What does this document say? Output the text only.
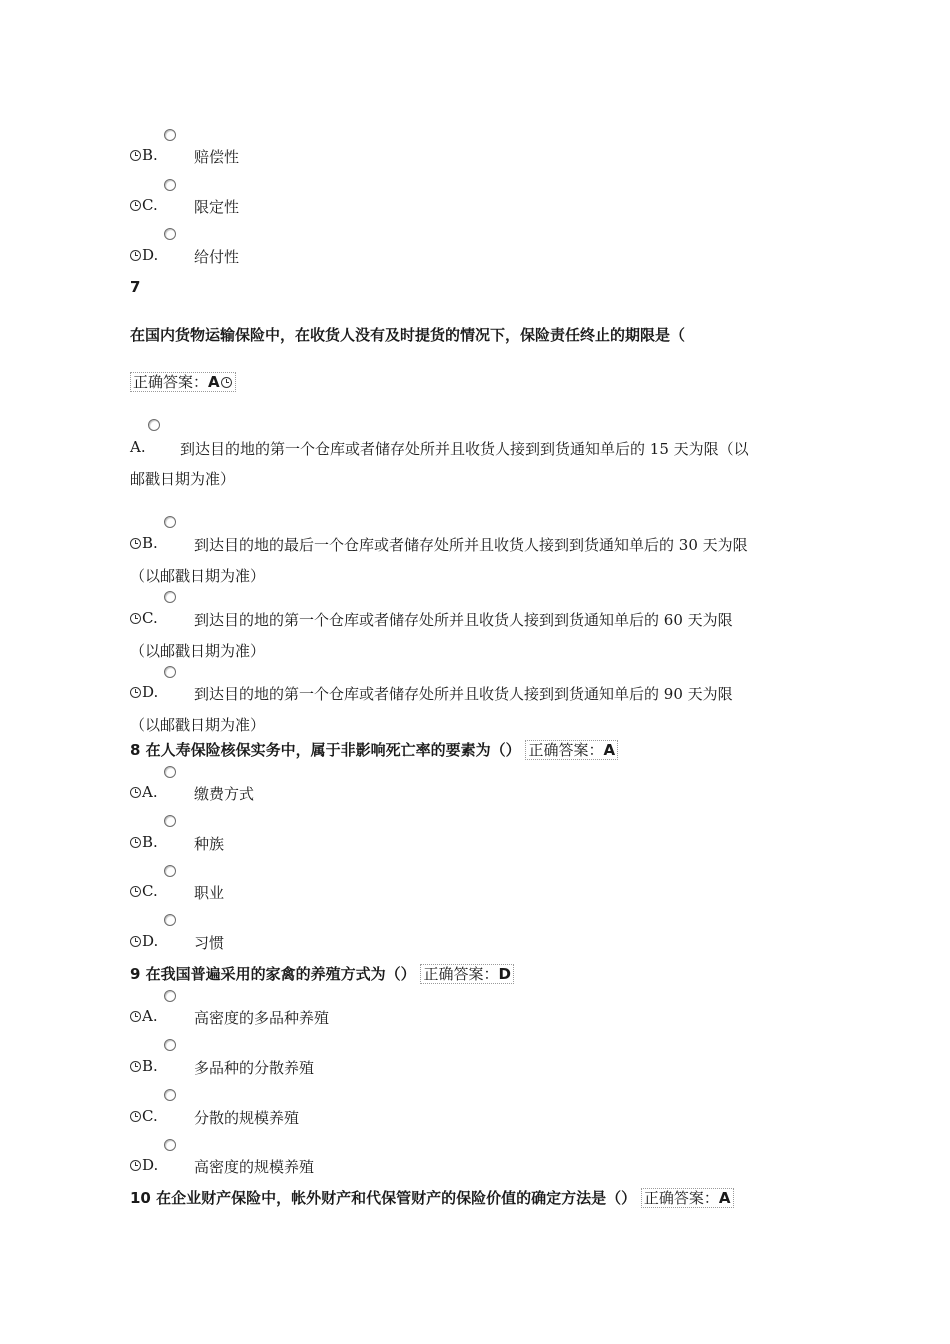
B. 赔偿性
C. 限定性
D. 给付性
7
在国内货物运输保险中，在收货人没有及时提货的情况下，保险责任终止的期限是（
正确答案：A
A. 到达目的地的第一个仓库或者储存处所并且收货人接到到货通知单后的 15 天为限（以
邮戳日期为准）
B. 到达目的地的最后一个仓库或者储存处所并且收货人接到到货通知单后的 30 天为限
（以邮戳日期为准）
C. 到达目的地的第一个仓库或者储存处所并且收货人接到到货通知单后的 60 天为限
（以邮戳日期为准）
D. 到达目的地的第一个仓库或者储存处所并且收货人接到到货通知单后的 90 天为限
（以邮戳日期为准）
8 在人寿保险核保实务中，属于非影响死亡率的要素为（） 正确答案：A
A. 缴费方式
B. 种族
C. 职业
D. 习惯
9 在我国普遍采用的家禽的养殖方式为（） 正确答案：D
A. 高密度的多品种养殖
B. 多品种的分散养殖
C. 分散的规模养殖
D. 高密度的规模养殖
10 在企业财产保险中，帐外财产和代保管财产的保险价值的确定方法是（） 正确答案：A
